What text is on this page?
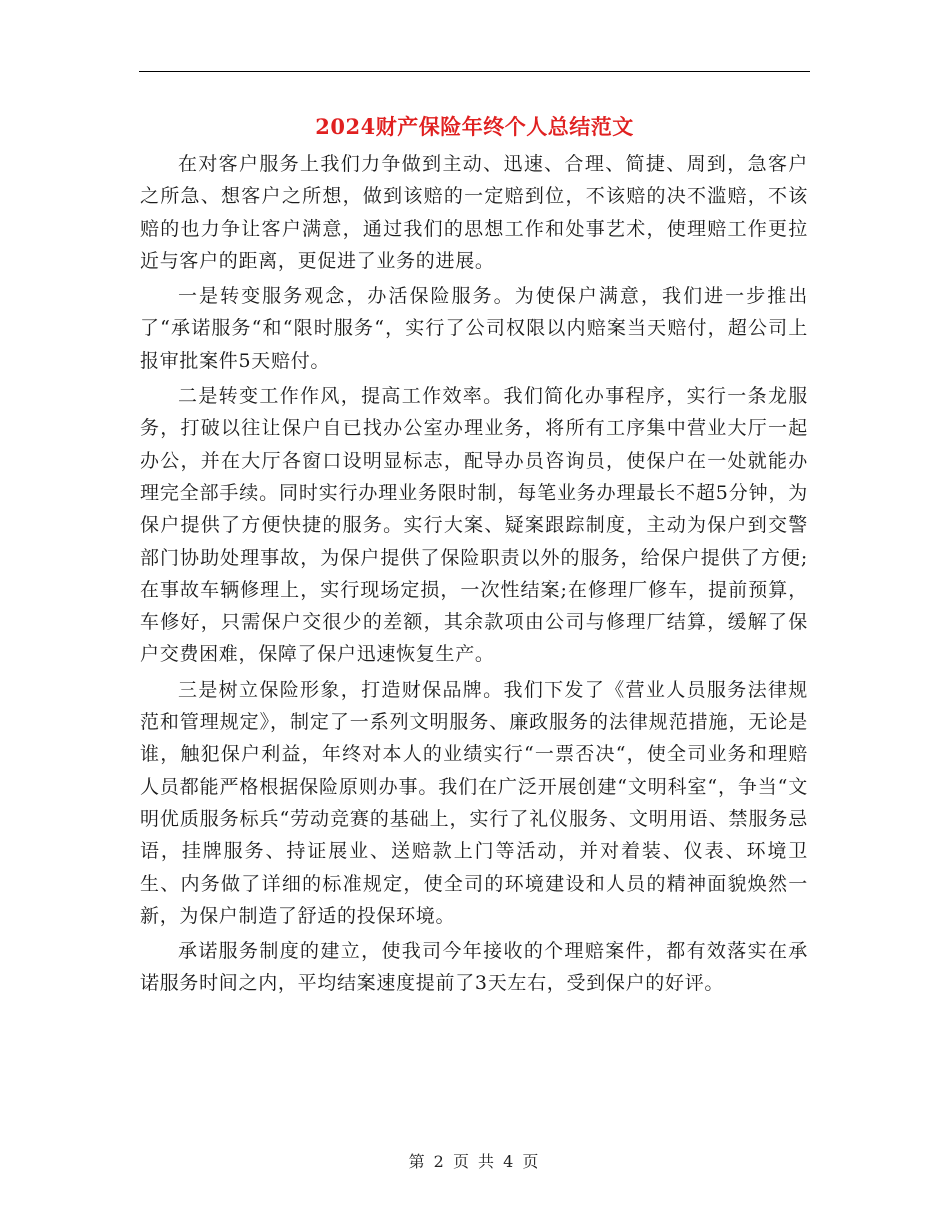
2024财产保险年终个人总结范文

在对客户服务上我们力争做到主动、迅速、合理、简捷、周到，急客户之所急、想客户之所想，做到该赔的一定赔到位，不该赔的决不滥赔，不该赔的也力争让客户满意，通过我们的思想工作和处事艺术，使理赔工作更拉近与客户的距离，更促进了业务的进展。

一是转变服务观念，办活保险服务。为使保户满意，我们进一步推出了“承诺服务“和“限时服务“，实行了公司权限以内赔案当天赔付，超公司上报审批案件5天赔付。

二是转变工作作风，提高工作效率。我们简化办事程序，实行一条龙服务，打破以往让保户自已找办公室办理业务，将所有工序集中营业大厅一起办公，并在大厅各窗口设明显标志，配导办员咨询员，使保户在一处就能办理完全部手续。同时实行办理业务限时制，每笔业务办理最长不超5分钟，为保户提供了方便快捷的服务。实行大案、疑案跟踪制度，主动为保户到交警部门协助处理事故，为保户提供了保险职责以外的服务，给保户提供了方便;在事故车辆修理上，实行现场定损，一次性结案;在修理厂修车，提前预算，车修好，只需保户交很少的差额，其余款项由公司与修理厂结算，缓解了保户交费困难，保障了保户迅速恢复生产。

三是树立保险形象，打造财保品牌。我们下发了《营业人员服务法律规范和管理规定》，制定了一系列文明服务、廉政服务的法律规范措施，无论是谁，触犯保户利益，年终对本人的业绩实行“一票否决“，使全司业务和理赔人员都能严格根据保险原则办事。我们在广泛开展创建“文明科室“，争当“文明优质服务标兵“劳动竞赛的基础上，实行了礼仪服务、文明用语、禁服务忌语，挂牌服务、持证展业、送赔款上门等活动，并对着装、仪表、环境卫生、内务做了详细的标准规定，使全司的环境建设和人员的精神面貌焕然一新，为保户制造了舒适的投保环境。

承诺服务制度的建立，使我司今年接收的个理赔案件，都有效落实在承诺服务时间之内，平均结案速度提前了3天左右，受到保户的好评。

第 2 页 共 4 页
